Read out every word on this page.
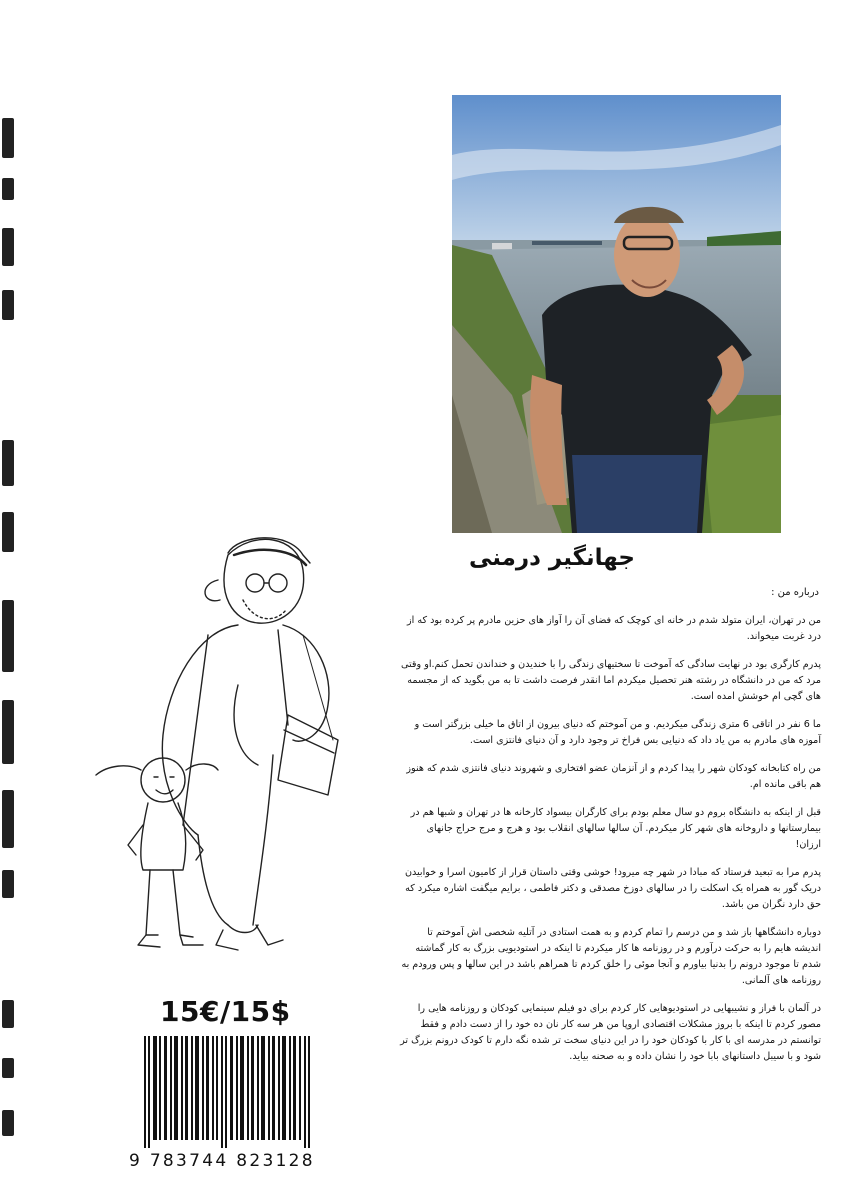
جهانگیر درمنی
درباره من :

من در تهران، ایران متولد شدم در خانه ای کوچک که فضای آن را آواز های حزین مادرم پر کرده بود که از درد غربت میخواند.

پدرم کارگری بود در نهایت سادگی که آموخت تا سختیهای زندگی را با خندیدن و خنداندن تحمل کنم.او وقتی مرد که من در دانشگاه در رشته هنر تحصیل میکردم اما انقدر فرصت داشت تا به من بگوید که از مجسمه های گچی ام خوشش امده است.

ما 6 نفر در اتاقی 6 متری زندگی میکردیم. و من آموختم که دنیای بیرون از اتاق ما خیلی بزرگتر است و آموزه های مادرم به من یاد داد که دنیایی بس فراخ تر وجود دارد و آن دنیای فانتزی است.

من راه کتابخانه کودکان شهر را پیدا کردم و از آنزمان عضو افتخاری و شهروند دنیای فانتزی شدم که هنوز هم باقی مانده ام.

قبل از اینکه به دانشگاه بروم دو سال معلم بودم برای کارگران بیسواد کارخانه ها در تهران و شبها هم در بیمارستانها و داروخانه های شهر کار میکردم. آن سالها سالهای انقلاب بود و هرج و مرج حراج جانهای ارزان!

پدرم مرا به تبعید فرستاد که مبادا در شهر چه میرود! خوشی وقتی داستان قرار از کامیون اسرا و خوابیدن دریک گور به همراه یک اسکلت را در سالهای دوزخ مصدقی و دکتر فاطمی ، برایم میگفت اشاره میکرد که حق دارد نگران من باشد.

دوباره دانشگاهها باز شد و من درسم را تمام کردم و به همت استادی در آتلیه شخصی اش آموختم تا اندیشه هایم را به حرکت درآورم و در روزنامه ها کار میکردم تا اینکه در استودیویی بزرگ به کار گماشته شدم تا موجود درونم را بدنیا بیاورم و آنجا موئی را خلق کردم تا همراهم باشد در این سالها و پس ورودم به روزنامه های آلمانی.

در آلمان با فراز و نشیبهایی در استودیوهایی کار کردم برای دو فیلم سینمایی کودکان و روزنامه هایی را مصور کردم تا اینکه با بروز مشکلات اقتصادی اروپا من هر سه کار نان ده خود را از دست دادم و فقط توانستم در مدرسه ای با کار با کودکان خود را در این دنیای سخت تر شده نگه دارم تا کودک درونم بزرگ تر شود و با سیبل داستانهای بابا خود را نشان داده و به صحنه بیاید.

15€/15$
9 783744 823128
